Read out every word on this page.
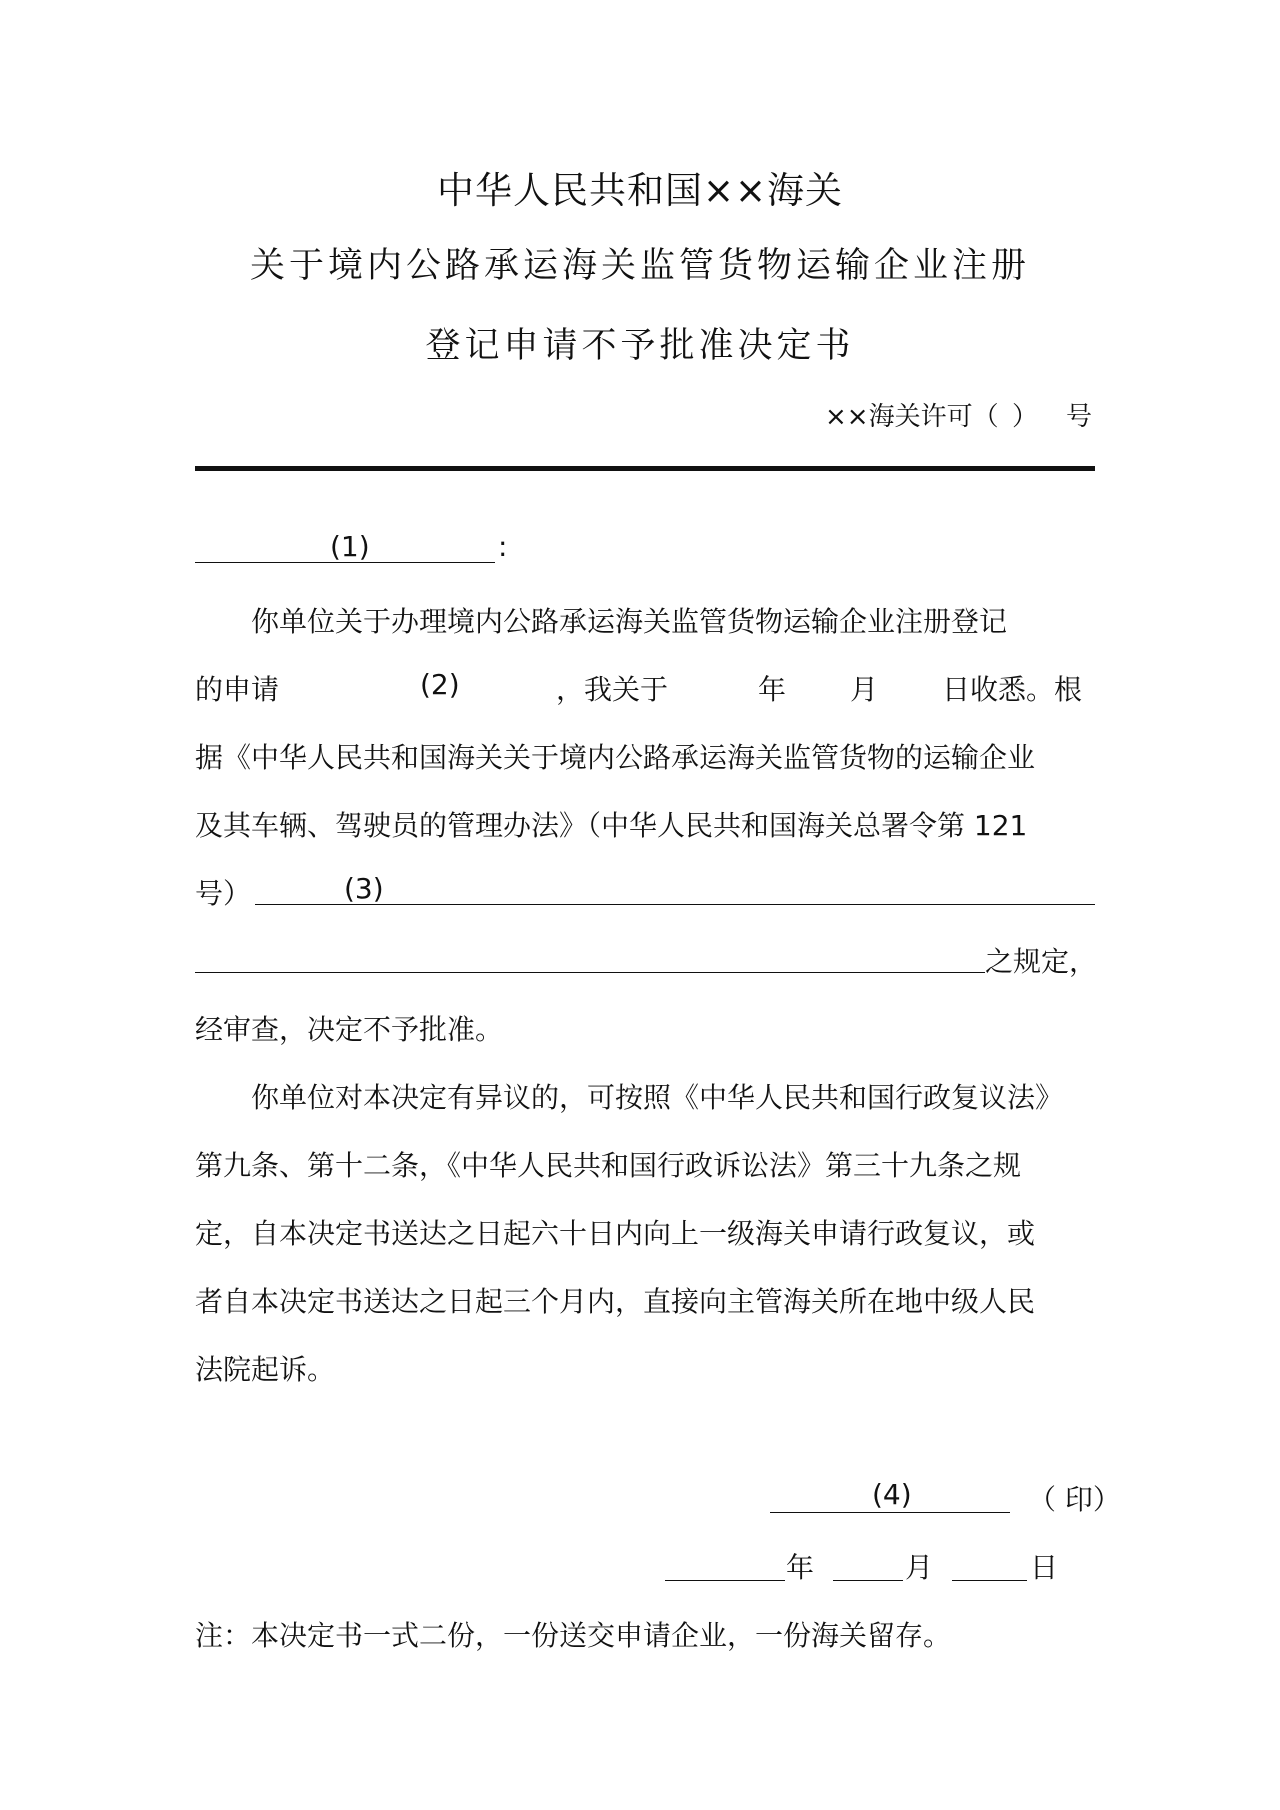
中华人民共和国××海关
关于境内公路承运海关监管货物运输企业注册
登记申请不予批准决定书
××海关许可（ ） 号
(1)	:
你单位关于办理境内公路承运海关监管货物运输企业注册登记
的申请	(2)	，我关于	年 月 日收悉。根
据《中华人民共和国海关关于境内公路承运海关监管货物的运输企业
及其车辆、驾驶员的管理办法》（中华人民共和国海关总署令第 121
号）	(3)
之规定，
经审查，决定不予批准。
你单位对本决定有异议的，可按照《中华人民共和国行政复议法》
第九条、第十二条，《中华人民共和国行政诉讼法》第三十九条之规
定，自本决定书送达之日起六十日内向上一级海关申请行政复议，或
者自本决定书送达之日起三个月内，直接向主管海关所在地中级人民
法院起诉。
(4)	（ 印）
年	月	日
注：本决定书一式二份，一份送交申请企业，一份海关留存。
